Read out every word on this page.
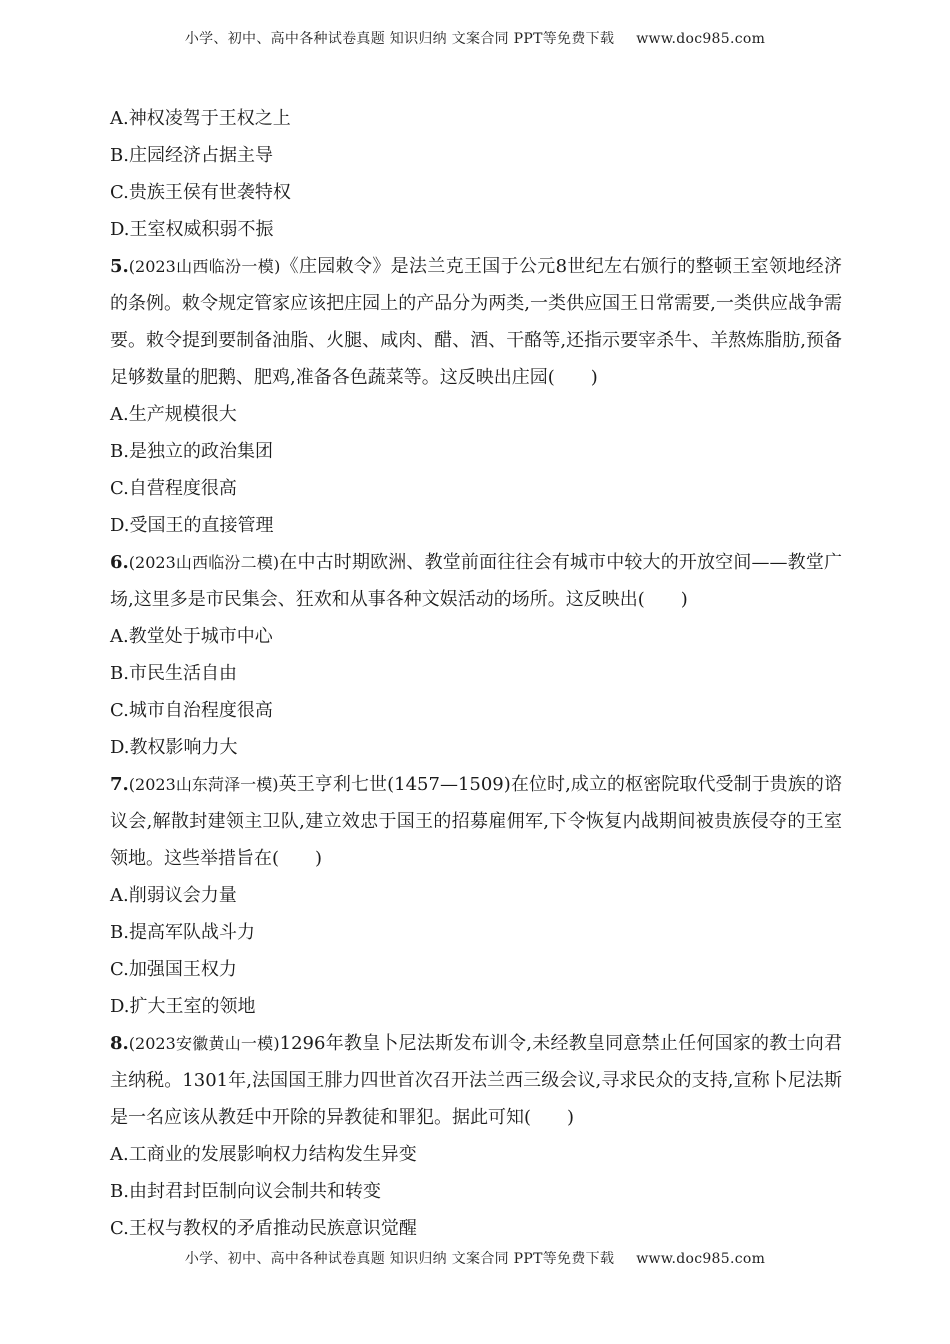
小学、初中、高中各种试卷真题 知识归纳 文案合同 PPT等免费下载 www.doc985.com
A.神权凌驾于王权之上
B.庄园经济占据主导
C.贵族王侯有世袭特权
D.王室权威积弱不振
5.(2023山西临汾一模)《庄园敕令》是法兰克王国于公元8世纪左右颁行的整顿王室领地经济的条例。敕令规定管家应该把庄园上的产品分为两类,一类供应国王日常需要,一类供应战争需要。敕令提到要制备油脂、火腿、咸肉、醋、酒、干酪等,还指示要宰杀牛、羊熬炼脂肪,预备足够数量的肥鹅、肥鸡,准备各色蔬菜等。这反映出庄园(　　)
A.生产规模很大
B.是独立的政治集团
C.自营程度很高
D.受国王的直接管理
6.(2023山西临汾二模)在中古时期欧洲、教堂前面往往会有城市中较大的开放空间——教堂广场,这里多是市民集会、狂欢和从事各种文娱活动的场所。这反映出(　　)
A.教堂处于城市中心
B.市民生活自由
C.城市自治程度很高
D.教权影响力大
7.(2023山东菏泽一模)英王亨利七世(1457—1509)在位时,成立的枢密院取代受制于贵族的谘议会,解散封建领主卫队,建立效忠于国王的招募雇佣军,下令恢复内战期间被贵族侵夺的王室领地。这些举措旨在(　　)
A.削弱议会力量
B.提高军队战斗力
C.加强国王权力
D.扩大王室的领地
8.(2023安徽黄山一模)1296年教皇卜尼法斯发布训令,未经教皇同意禁止任何国家的教士向君主纳税。1301年,法国国王腓力四世首次召开法兰西三级会议,寻求民众的支持,宣称卜尼法斯是一名应该从教廷中开除的异教徒和罪犯。据此可知(　　)
A.工商业的发展影响权力结构发生异变
B.由封君封臣制向议会制共和转变
C.王权与教权的矛盾推动民族意识觉醒
小学、初中、高中各种试卷真题 知识归纳 文案合同 PPT等免费下载 www.doc985.com
